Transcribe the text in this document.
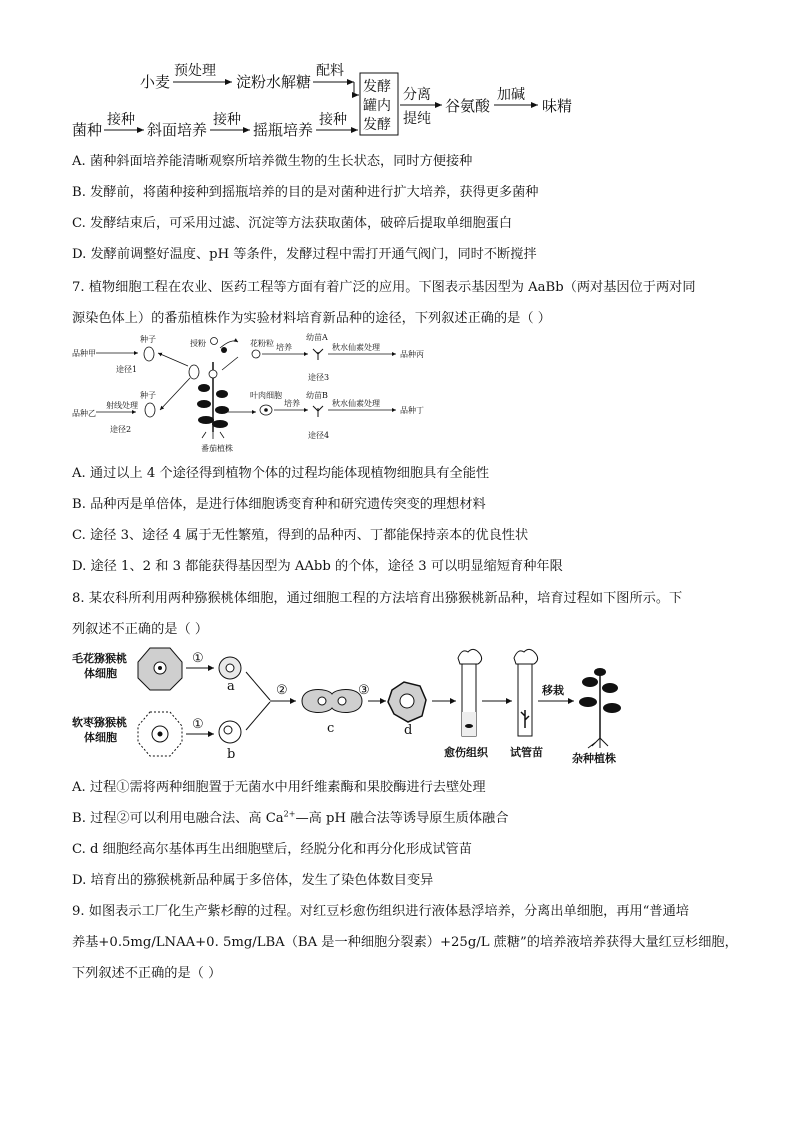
小麦
预处理
淀粉水解糖
配料
发酵
罐内
发酵
分离
提纯
谷氨酸
加碱
味精
菌种
接种
斜面培养
接种
摇瓶培养
接种
A. 菌种斜面培养能清晰观察所培养微生物的生长状态，同时方便接种
B. 发酵前，将菌种接种到摇瓶培养的目的是对菌种进行扩大培养，获得更多菌种
C. 发酵结束后，可采用过滤、沉淀等方法获取菌体，破碎后提取单细胞蛋白
D. 发酵前调整好温度、pH 等条件，发酵过程中需打开通气阀门，同时不断搅拌
7. 植物细胞工程在农业、医药工程等方面有着广泛的应用。下图表示基因型为 AaBb（两对基因位于两对同
源染色体上）的番茄植株作为实验材料培育新品种的途径，下列叙述正确的是（ ）
品种甲
种子
途径1
授粉
番茄植株
花粉粒 培养
幼苗A
秋水仙素处理
品种丙
途径3
品种乙
射线处理
种子
途径2
叶肉细胞
培养
幼苗B
秋水仙素处理
品种丁
途径4
A. 通过以上 4 个途径得到植物个体的过程均能体现植物细胞具有全能性
B. 品种丙是单倍体，是进行体细胞诱变育种和研究遗传突变的理想材料
C. 途径 3、途径 4 属于无性繁殖，得到的品种丙、丁都能保持亲本的优良性状
D. 途径 1、2 和 3 都能获得基因型为 AAbb 的个体，途径 3 可以明显缩短育种年限
8. 某农科所利用两种猕猴桃体细胞，通过细胞工程的方法培育出猕猴桃新品种，培育过程如下图所示。下
列叙述不正确的是（ ）
毛花猕猴桃
体细胞
软枣猕猴桃
体细胞
①
a
①
b
②
c
③
d
愈伤组织 试管苗
移栽
杂种植株
A. 过程①需将两种细胞置于无菌水中用纤维素酶和果胶酶进行去壁处理
B. 过程②可以利用电融合法、高 $Ca^{2+}—$高 pH 融合法等诱导原生质体融合
C. d 细胞经高尔基体再生出细胞壁后，经脱分化和再分化形成试管苗
D. 培育出的猕猴桃新品种属于多倍体，发生了染色体数目变异
9. 如图表示工厂化生产紫杉醇的过程。对红豆杉愈伤组织进行液体悬浮培养，分离出单细胞，再用“普通培
养基+0.5mg/LNAA+0. 5mg/LBA（BA 是一种细胞分裂素）+25g/L 蔗糖”的培养液培养获得大量红豆杉细胞，
下列叙述不正确的是（ ）
